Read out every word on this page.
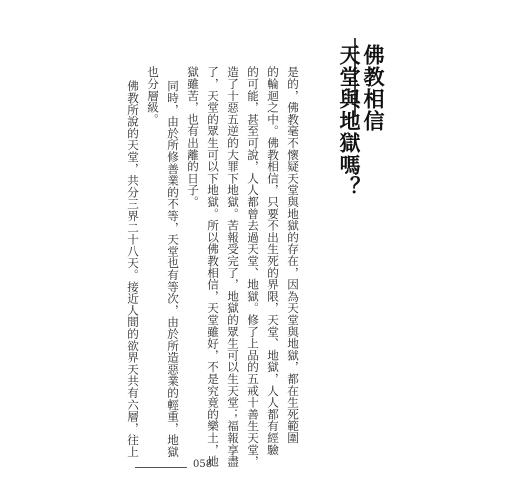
佛教相信
天堂與地獄嗎？
是的，佛教毫不懷疑天堂與地獄的存在，因為天堂與地獄，都在生死範圍
的輪迴之中。佛教相信，只要不出生死的界限，天堂、地獄，人人都有經驗
的可能，甚至可說，人人都曾去過天堂、地獄。修了上品的五戒十善生天堂，
造了十惡五逆的大罪下地獄。苦報受完了，地獄的眾生可以生天堂；福報享盡
了，天堂的眾生可以下地獄。所以佛教相信，天堂雖好，不是究竟的樂土，地
獄雖苦，也有出離的日子。
同時，由於所修善業的不等，天堂也有等次，由於所造惡業的輕重，地獄
也分層級。
佛教所說的天堂，共分三界二十八天。接近人間的欲界天共有六層，往上
058
